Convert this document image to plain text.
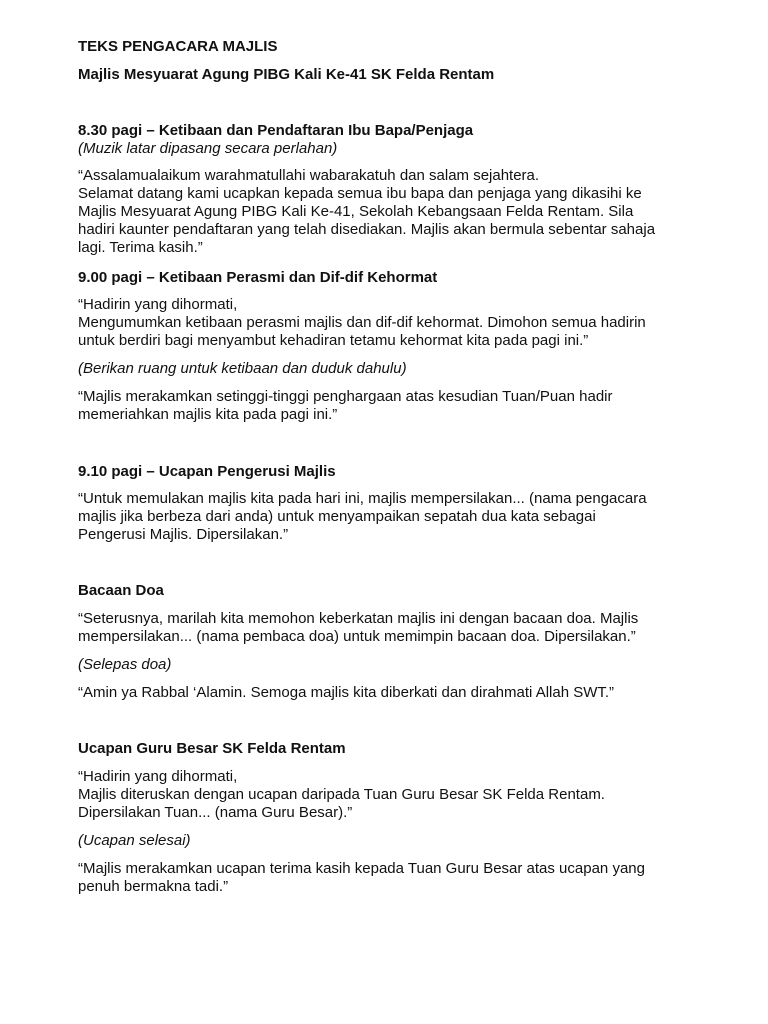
TEKS PENGACARA MAJLIS
Majlis Mesyuarat Agung PIBG Kali Ke-41 SK Felda Rentam
8.30 pagi – Ketibaan dan Pendaftaran Ibu Bapa/Penjaga
(Muzik latar dipasang secara perlahan)
“Assalamualaikum warahmatullahi wabarakatuh dan salam sejahtera.
Selamat datang kami ucapkan kepada semua ibu bapa dan penjaga yang dikasihi ke
Majlis Mesyuarat Agung PIBG Kali Ke-41, Sekolah Kebangsaan Felda Rentam. Sila
hadiri kaunter pendaftaran yang telah disediakan. Majlis akan bermula sebentar sahaja
lagi. Terima kasih.”
9.00 pagi – Ketibaan Perasmi dan Dif-dif Kehormat
“Hadirin yang dihormati,
Mengumumkan ketibaan perasmi majlis dan dif-dif kehormat. Dimohon semua hadirin
untuk berdiri bagi menyambut kehadiran tetamu kehormat kita pada pagi ini.”
(Berikan ruang untuk ketibaan dan duduk dahulu)
“Majlis merakamkan setinggi-tinggi penghargaan atas kesudian Tuan/Puan hadir
memeriahkan majlis kita pada pagi ini.”
9.10 pagi – Ucapan Pengerusi Majlis
“Untuk memulakan majlis kita pada hari ini, majlis mempersilakan... (nama pengacara
majlis jika berbeza dari anda) untuk menyampaikan sepatah dua kata sebagai
Pengerusi Majlis. Dipersilakan.”
Bacaan Doa
“Seterusnya, marilah kita memohon keberkatan majlis ini dengan bacaan doa. Majlis
mempersilakan... (nama pembaca doa) untuk memimpin bacaan doa. Dipersilakan.”
(Selepas doa)
“Amin ya Rabbal ‘Alamin. Semoga majlis kita diberkati dan dirahmati Allah SWT.”
Ucapan Guru Besar SK Felda Rentam
“Hadirin yang dihormati,
Majlis diteruskan dengan ucapan daripada Tuan Guru Besar SK Felda Rentam.
Dipersilakan Tuan... (nama Guru Besar).”
(Ucapan selesai)
“Majlis merakamkan ucapan terima kasih kepada Tuan Guru Besar atas ucapan yang
penuh bermakna tadi.”
